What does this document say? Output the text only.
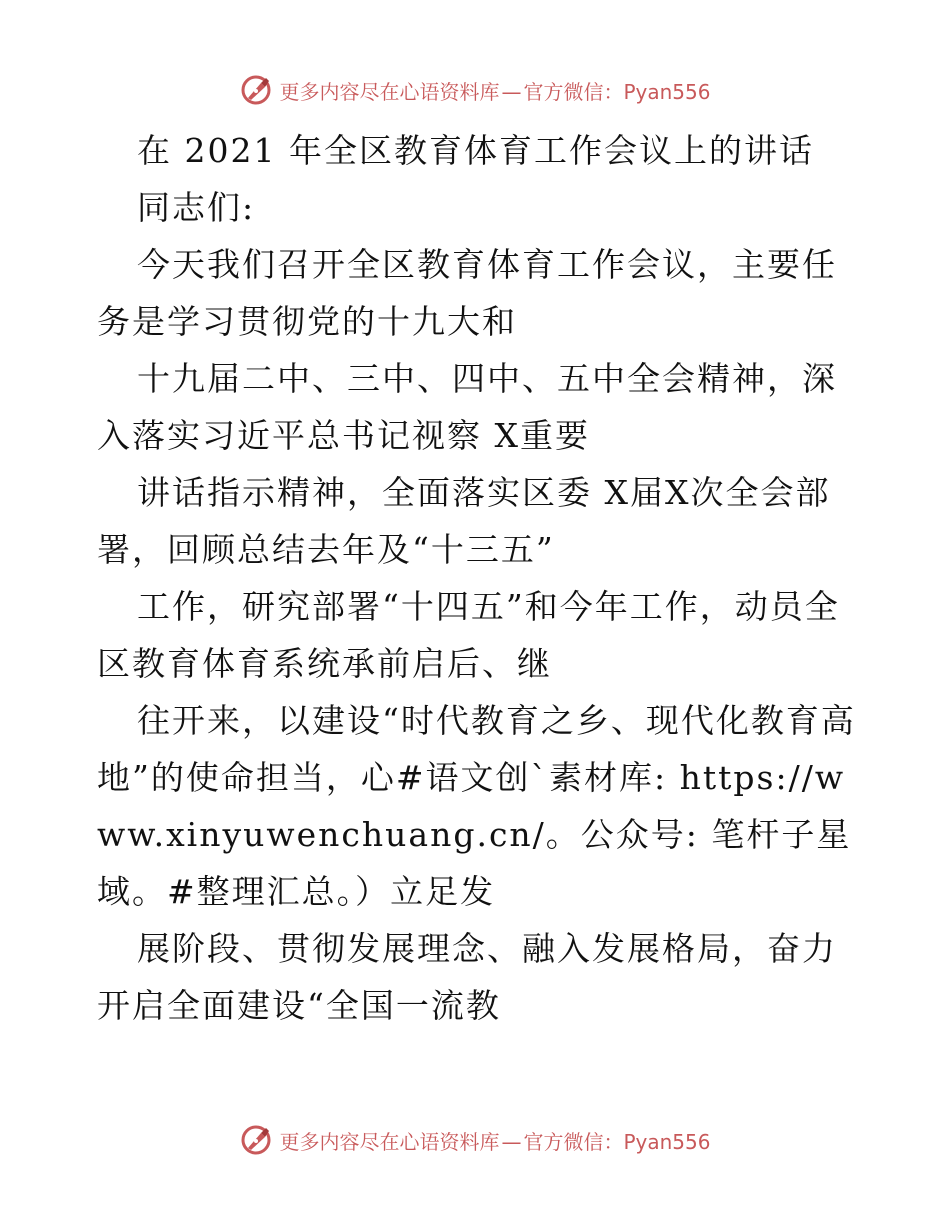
更多内容尽在心语资料库 — 官方微信：Pyan556

在 2021 年全区教育体育工作会议上的讲话

同志们:

今天我们召开全区教育体育工作会议，主要任务是学习贯彻党的十九大和

十九届二中、三中、四中、五中全会精神，深入落实习近平总书记视察 X重要

讲话指示精神，全面落实区委 X届X次全会部署，回顾总结去年及“十三五”

工作，研究部署“十四五”和今年工作，动员全区教育体育系统承前启后、继

往开来，以建设“时代教育之乡、现代化教育高地”的使命担当，心#语文创`素材库: https://www.xinyuwenchuang.cn/。公众号: 笔杆子星域。#整理汇总。）立足发

展阶段、贯彻发展理念、融入发展格局，奋力开启全面建设“全国一流教

更多内容尽在心语资料库 — 官方微信：Pyan556
